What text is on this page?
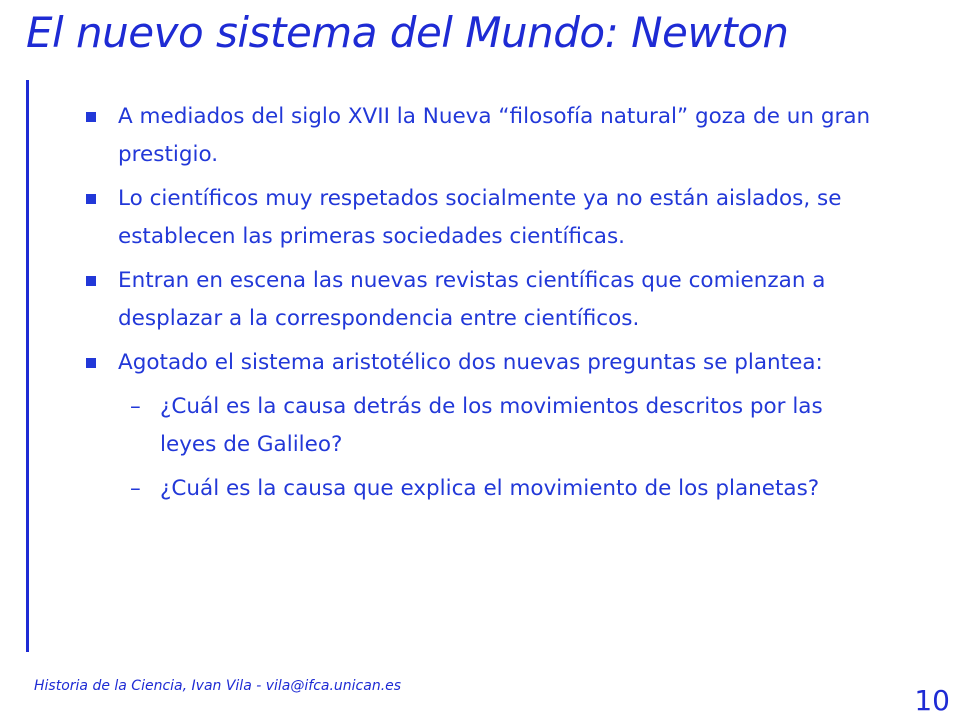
El nuevo sistema del Mundo: Newton
A mediados del siglo XVII la Nueva “filosofía natural” goza de un gran prestigio.
Lo científicos muy respetados socialmente ya no están aislados, se establecen las primeras sociedades científicas.
Entran en escena las nuevas revistas científicas que comienzan a desplazar a la correspondencia entre científicos.
Agotado el sistema aristotélico dos nuevas preguntas se plantea:
– ¿Cuál es la causa detrás de los movimientos descritos por las leyes de Galileo?
– ¿Cuál es la causa que explica el movimiento de los planetas?
Historia de la Ciencia, Ivan Vila - vila@ifca.unican.es	10
